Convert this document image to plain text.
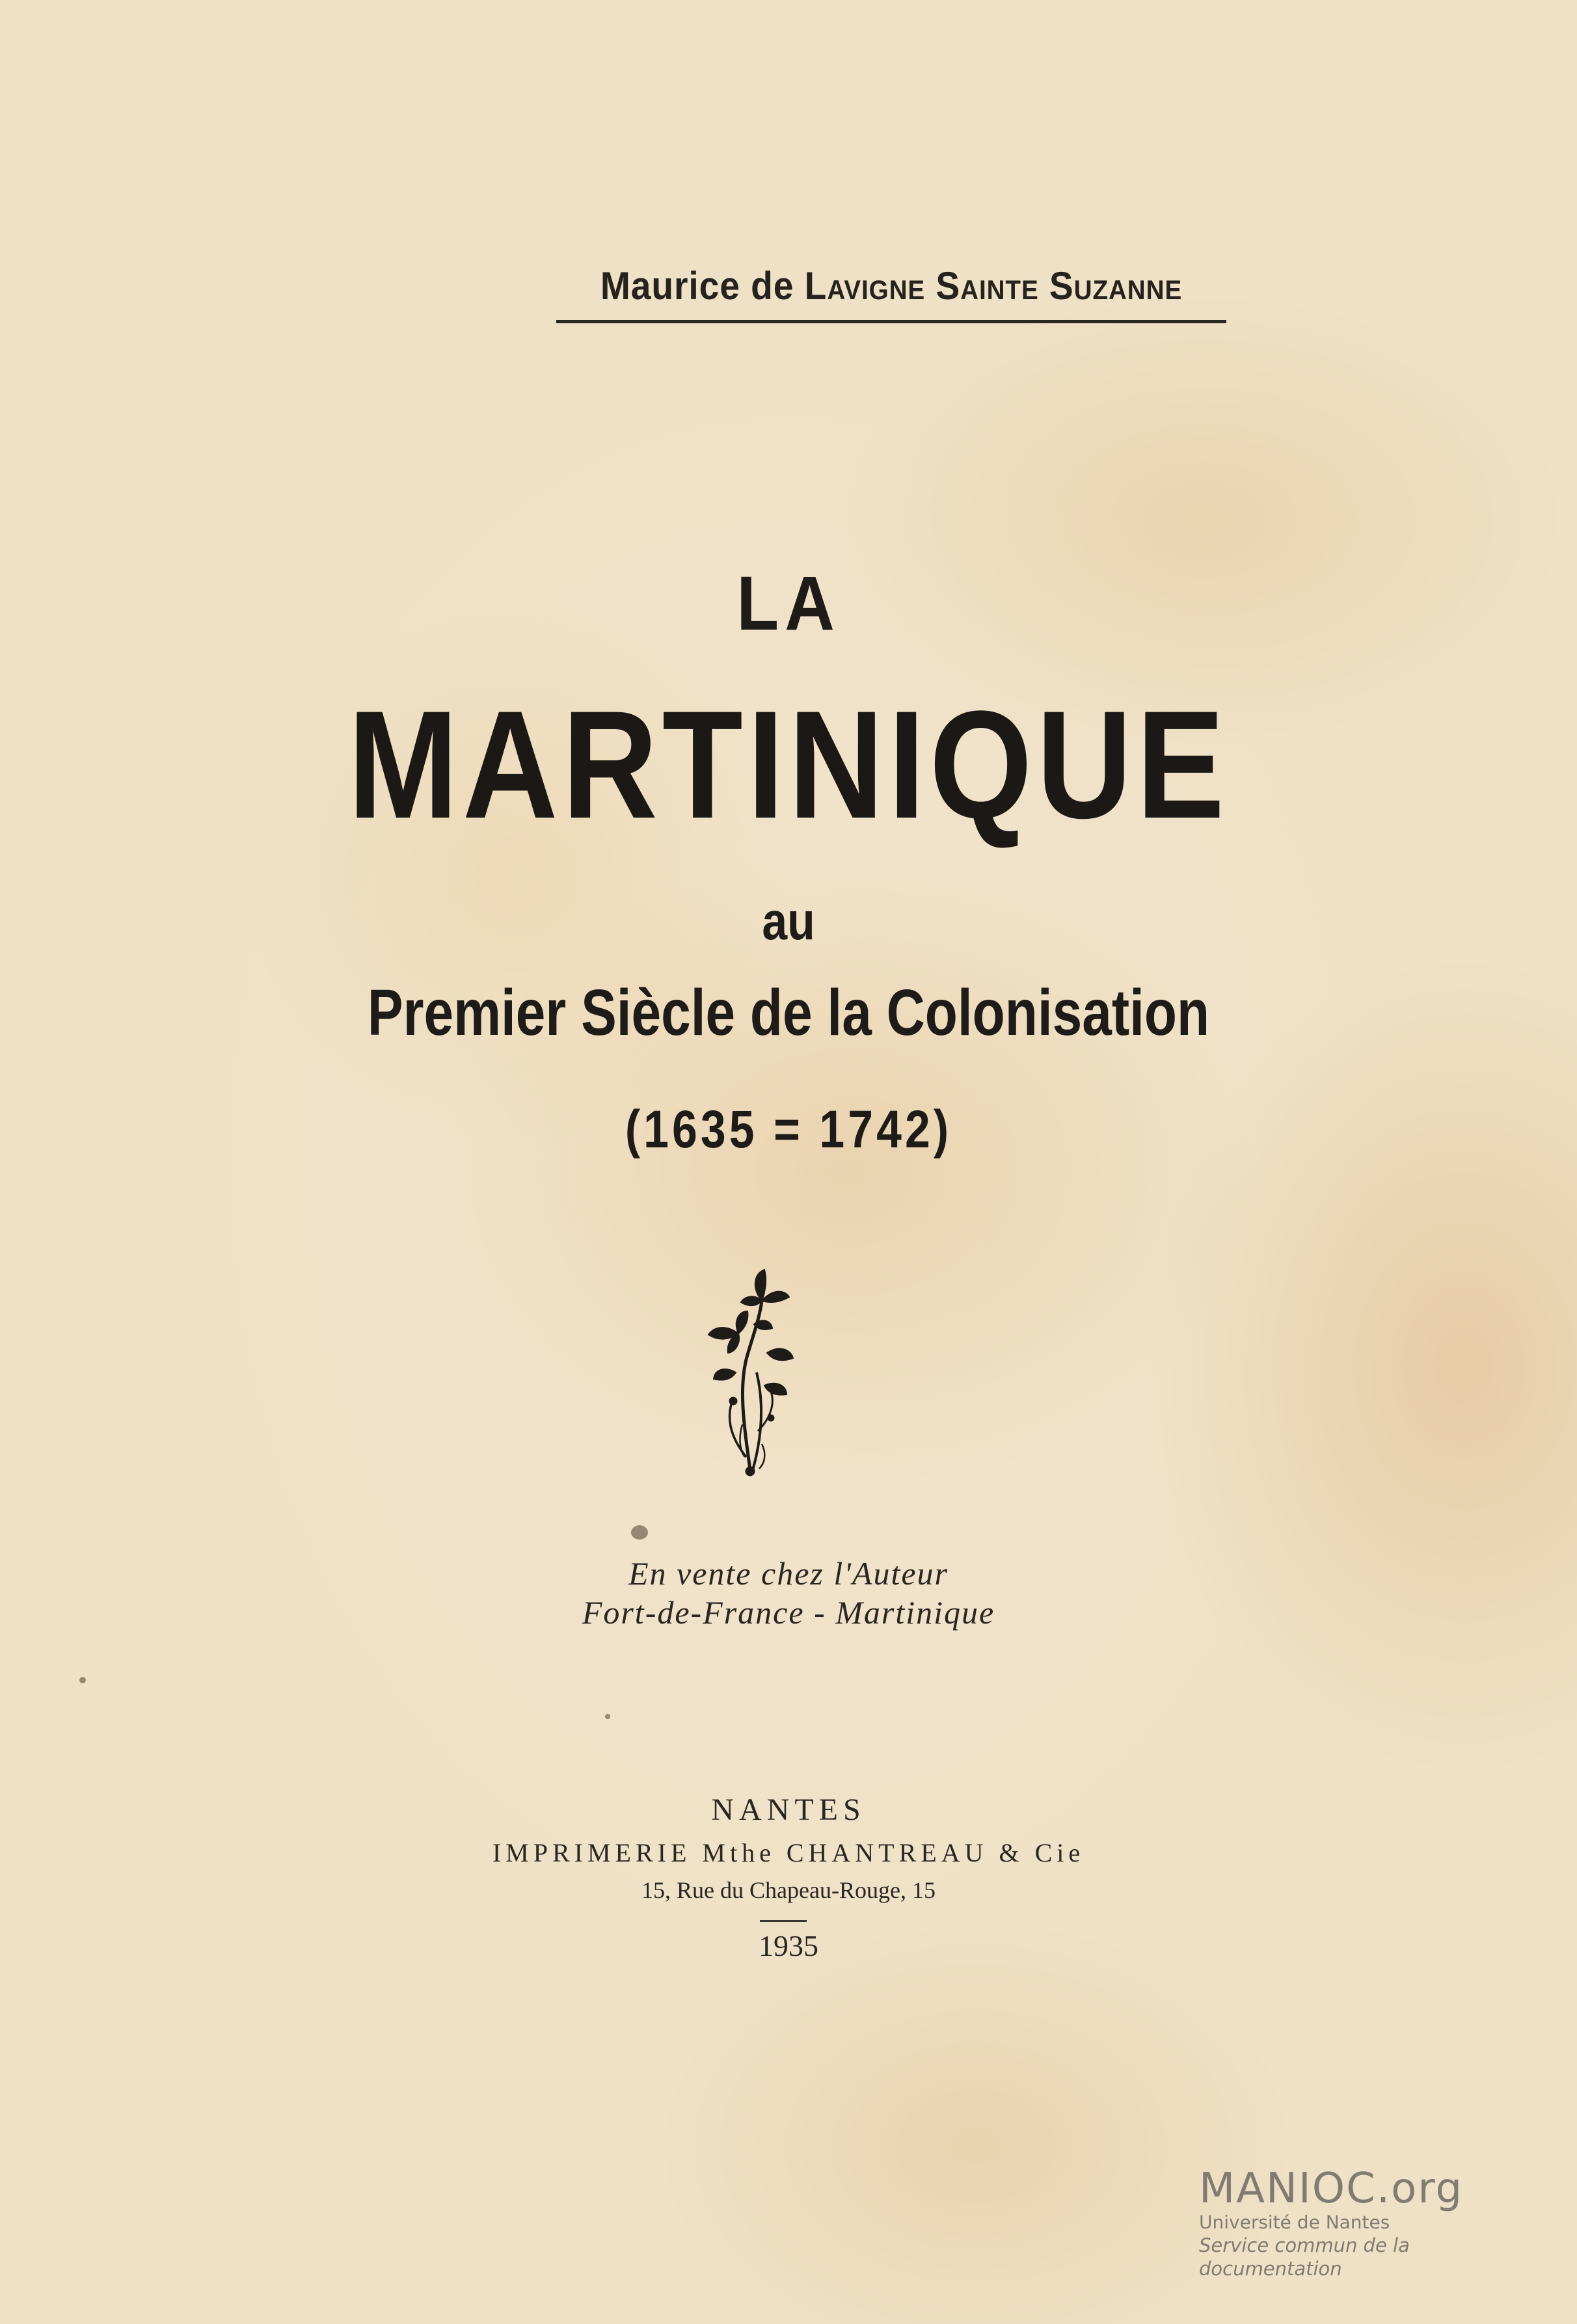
Maurice de Lavigne Sainte Suzanne
LA
MARTINIQUE
au
Premier Siècle de la Colonisation
(1635 = 1742)
En vente chez l'Auteur
Fort-de-France - Martinique
NANTES
IMPRIMERIE Mthe CHANTREAU & Cie
15, Rue du Chapeau-Rouge, 15
1935
MANIOC.org
Université de Nantes
Service commun de la documentation
